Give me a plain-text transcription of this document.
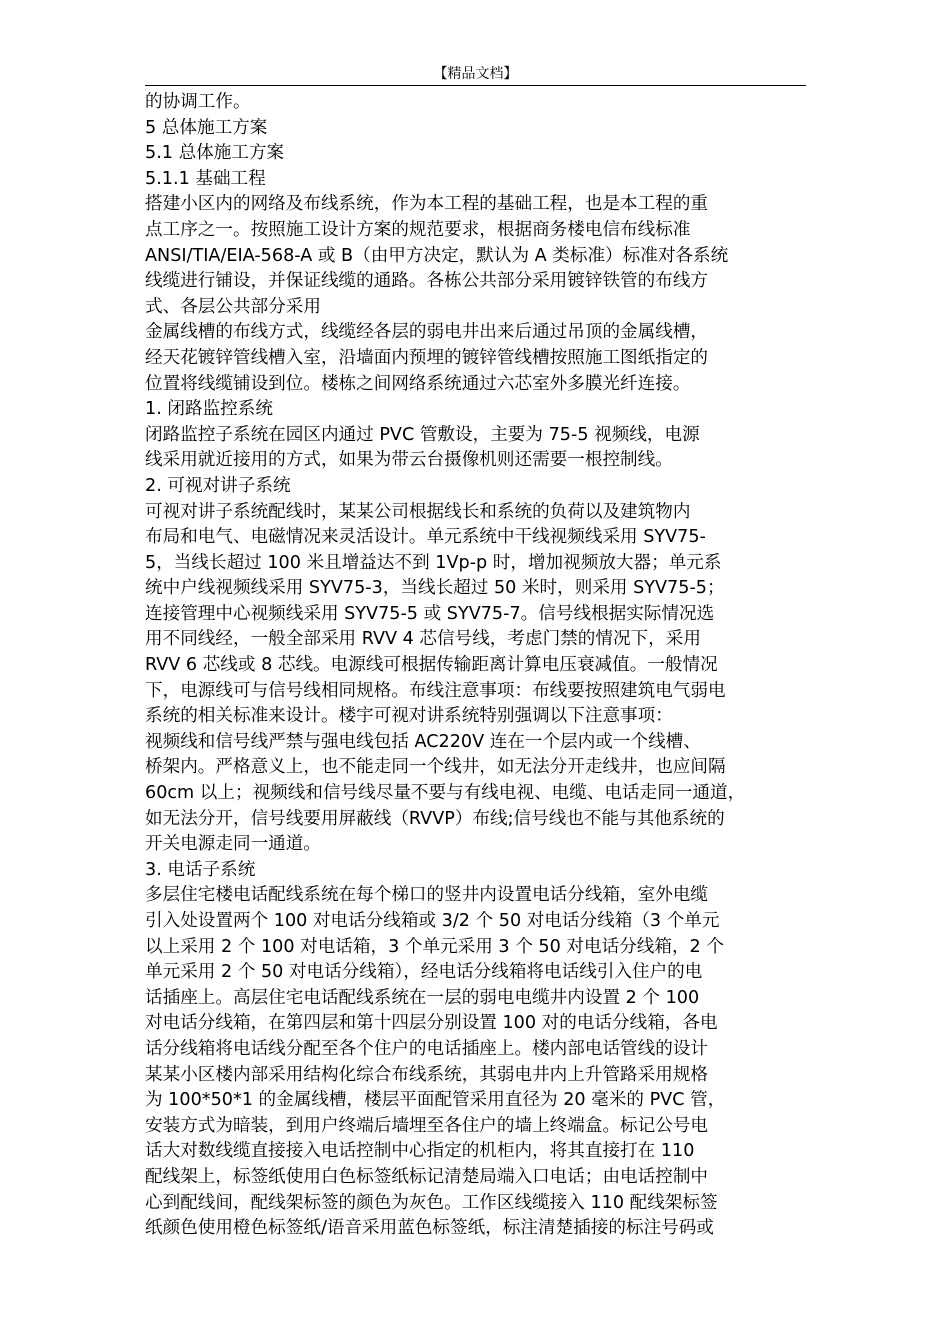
【精品文档】
的协调工作。
5 总体施工方案
5.1 总体施工方案
5.1.1 基础工程
搭建小区内的网络及布线系统，作为本工程的基础工程，也是本工程的重
点工序之一。按照施工设计方案的规范要求，根据商务楼电信布线标准
ANSI/TIA/EIA-568-A 或 B（由甲方决定，默认为 A 类标准）标准对各系统
线缆进行铺设，并保证线缆的通路。各栋公共部分采用镀锌铁管的布线方
式、各层公共部分采用
金属线槽的布线方式，线缆经各层的弱电井出来后通过吊顶的金属线槽，
经天花镀锌管线槽入室，沿墙面内预埋的镀锌管线槽按照施工图纸指定的
位置将线缆铺设到位。楼栋之间网络系统通过六芯室外多膜光纤连接。
1. 闭路监控系统
闭路监控子系统在园区内通过 PVC 管敷设，主要为 75-5 视频线，电源
线采用就近接用的方式，如果为带云台摄像机则还需要一根控制线。
2. 可视对讲子系统
可视对讲子系统配线时，某某公司根据线长和系统的负荷以及建筑物内
布局和电气、电磁情况来灵活设计。单元系统中干线视频线采用 SYV75-
5，当线长超过 100 米且增益达不到 1Vp-p 时，增加视频放大器；单元系
统中户线视频线采用 SYV75-3，当线长超过 50 米时，则采用 SYV75-5；
连接管理中心视频线采用 SYV75-5 或 SYV75-7。信号线根据实际情况选
用不同线经，一般全部采用 RVV 4 芯信号线，考虑门禁的情况下，采用
RVV 6 芯线或 8 芯线。电源线可根据传输距离计算电压衰减值。一般情况
下，电源线可与信号线相同规格。布线注意事项：布线要按照建筑电气弱电
系统的相关标准来设计。楼宇可视对讲系统特别强调以下注意事项：
视频线和信号线严禁与强电线包括 AC220V 连在一个层内或一个线槽、
桥架内。严格意义上，也不能走同一个线井，如无法分开走线井，也应间隔
60cm 以上；视频线和信号线尽量不要与有线电视、电缆、电话走同一通道，
如无法分开，信号线要用屏蔽线（RVVP）布线;信号线也不能与其他系统的
开关电源走同一通道。
3. 电话子系统
多层住宅楼电话配线系统在每个梯口的竖井内设置电话分线箱，室外电缆
引入处设置两个 100 对电话分线箱或 3/2 个 50 对电话分线箱（3 个单元
以上采用 2 个 100 对电话箱，3 个单元采用 3 个 50 对电话分线箱，2 个
单元采用 2 个 50 对电话分线箱），经电话分线箱将电话线引入住户的电
话插座上。高层住宅电话配线系统在一层的弱电电缆井内设置 2 个 100
对电话分线箱，在第四层和第十四层分别设置 100 对的电话分线箱，各电
话分线箱将电话线分配至各个住户的电话插座上。楼内部电话管线的设计
某某小区楼内部采用结构化综合布线系统，其弱电井内上升管路采用规格
为 100*50*1 的金属线槽，楼层平面配管采用直径为 20 毫米的 PVC 管，
安装方式为暗装，到用户终端后墙埋至各住户的墙上终端盒。标记公号电
话大对数线缆直接接入电话控制中心指定的机柜内，将其直接打在 110
配线架上，标签纸使用白色标签纸标记清楚局端入口电话；由电话控制中
心到配线间，配线架标签的颜色为灰色。工作区线缆接入 110 配线架标签
纸颜色使用橙色标签纸/语音采用蓝色标签纸，标注清楚插接的标注号码或
